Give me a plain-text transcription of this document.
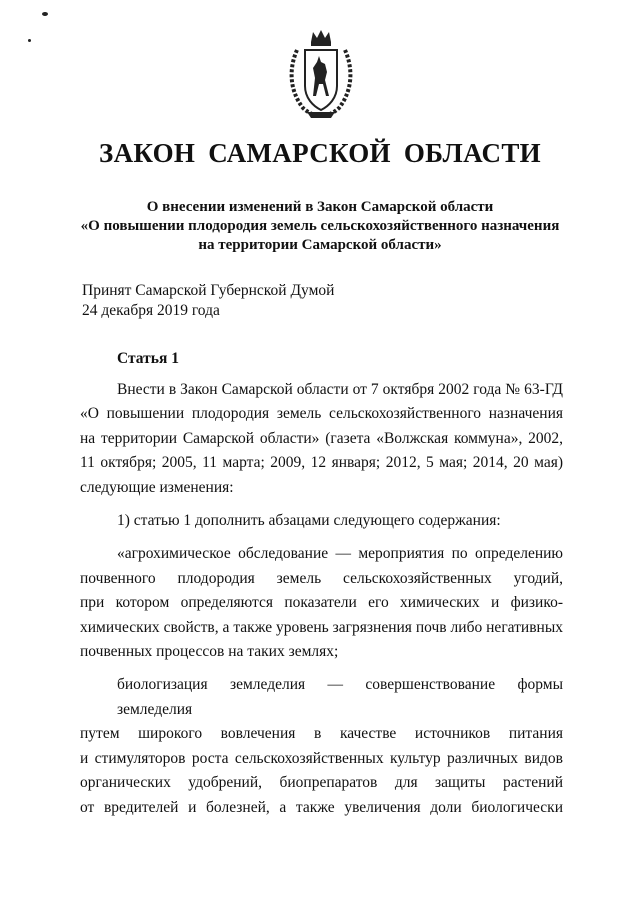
ЗАКОН САМАРСКОЙ ОБЛАСТИ
О внесении изменений в Закон Самарской области
«О повышении плодородия земель сельскохозяйственного назначения
на территории Самарской области»
Принят Самарской Губернской Думой
24 декабря 2019 года
Статья 1
Внести в Закон Самарской области от 7 октября 2002 года № 63-ГД
«О повышении плодородия земель сельскохозяйственного назначения
на территории Самарской области» (газета «Волжская коммуна», 2002,
11 октября; 2005, 11 марта; 2009, 12 января; 2012, 5 мая; 2014, 20 мая)
следующие изменения:
1) статью 1 дополнить абзацами следующего содержания:
«агрохимическое обследование — мероприятия по определению
почвенного плодородия земель сельскохозяйственных угодий,
при котором определяются показатели его химических и физико-
химических свойств, а также уровень загрязнения почв либо негативных
почвенных процессов на таких землях;
биологизация земледелия — совершенствование формы земледелия
путем широкого вовлечения в качестве источников питания
и стимуляторов роста сельскохозяйственных культур различных видов
органических удобрений, биопрепаратов для защиты растений
от вредителей и болезней, а также увеличения доли биологически
